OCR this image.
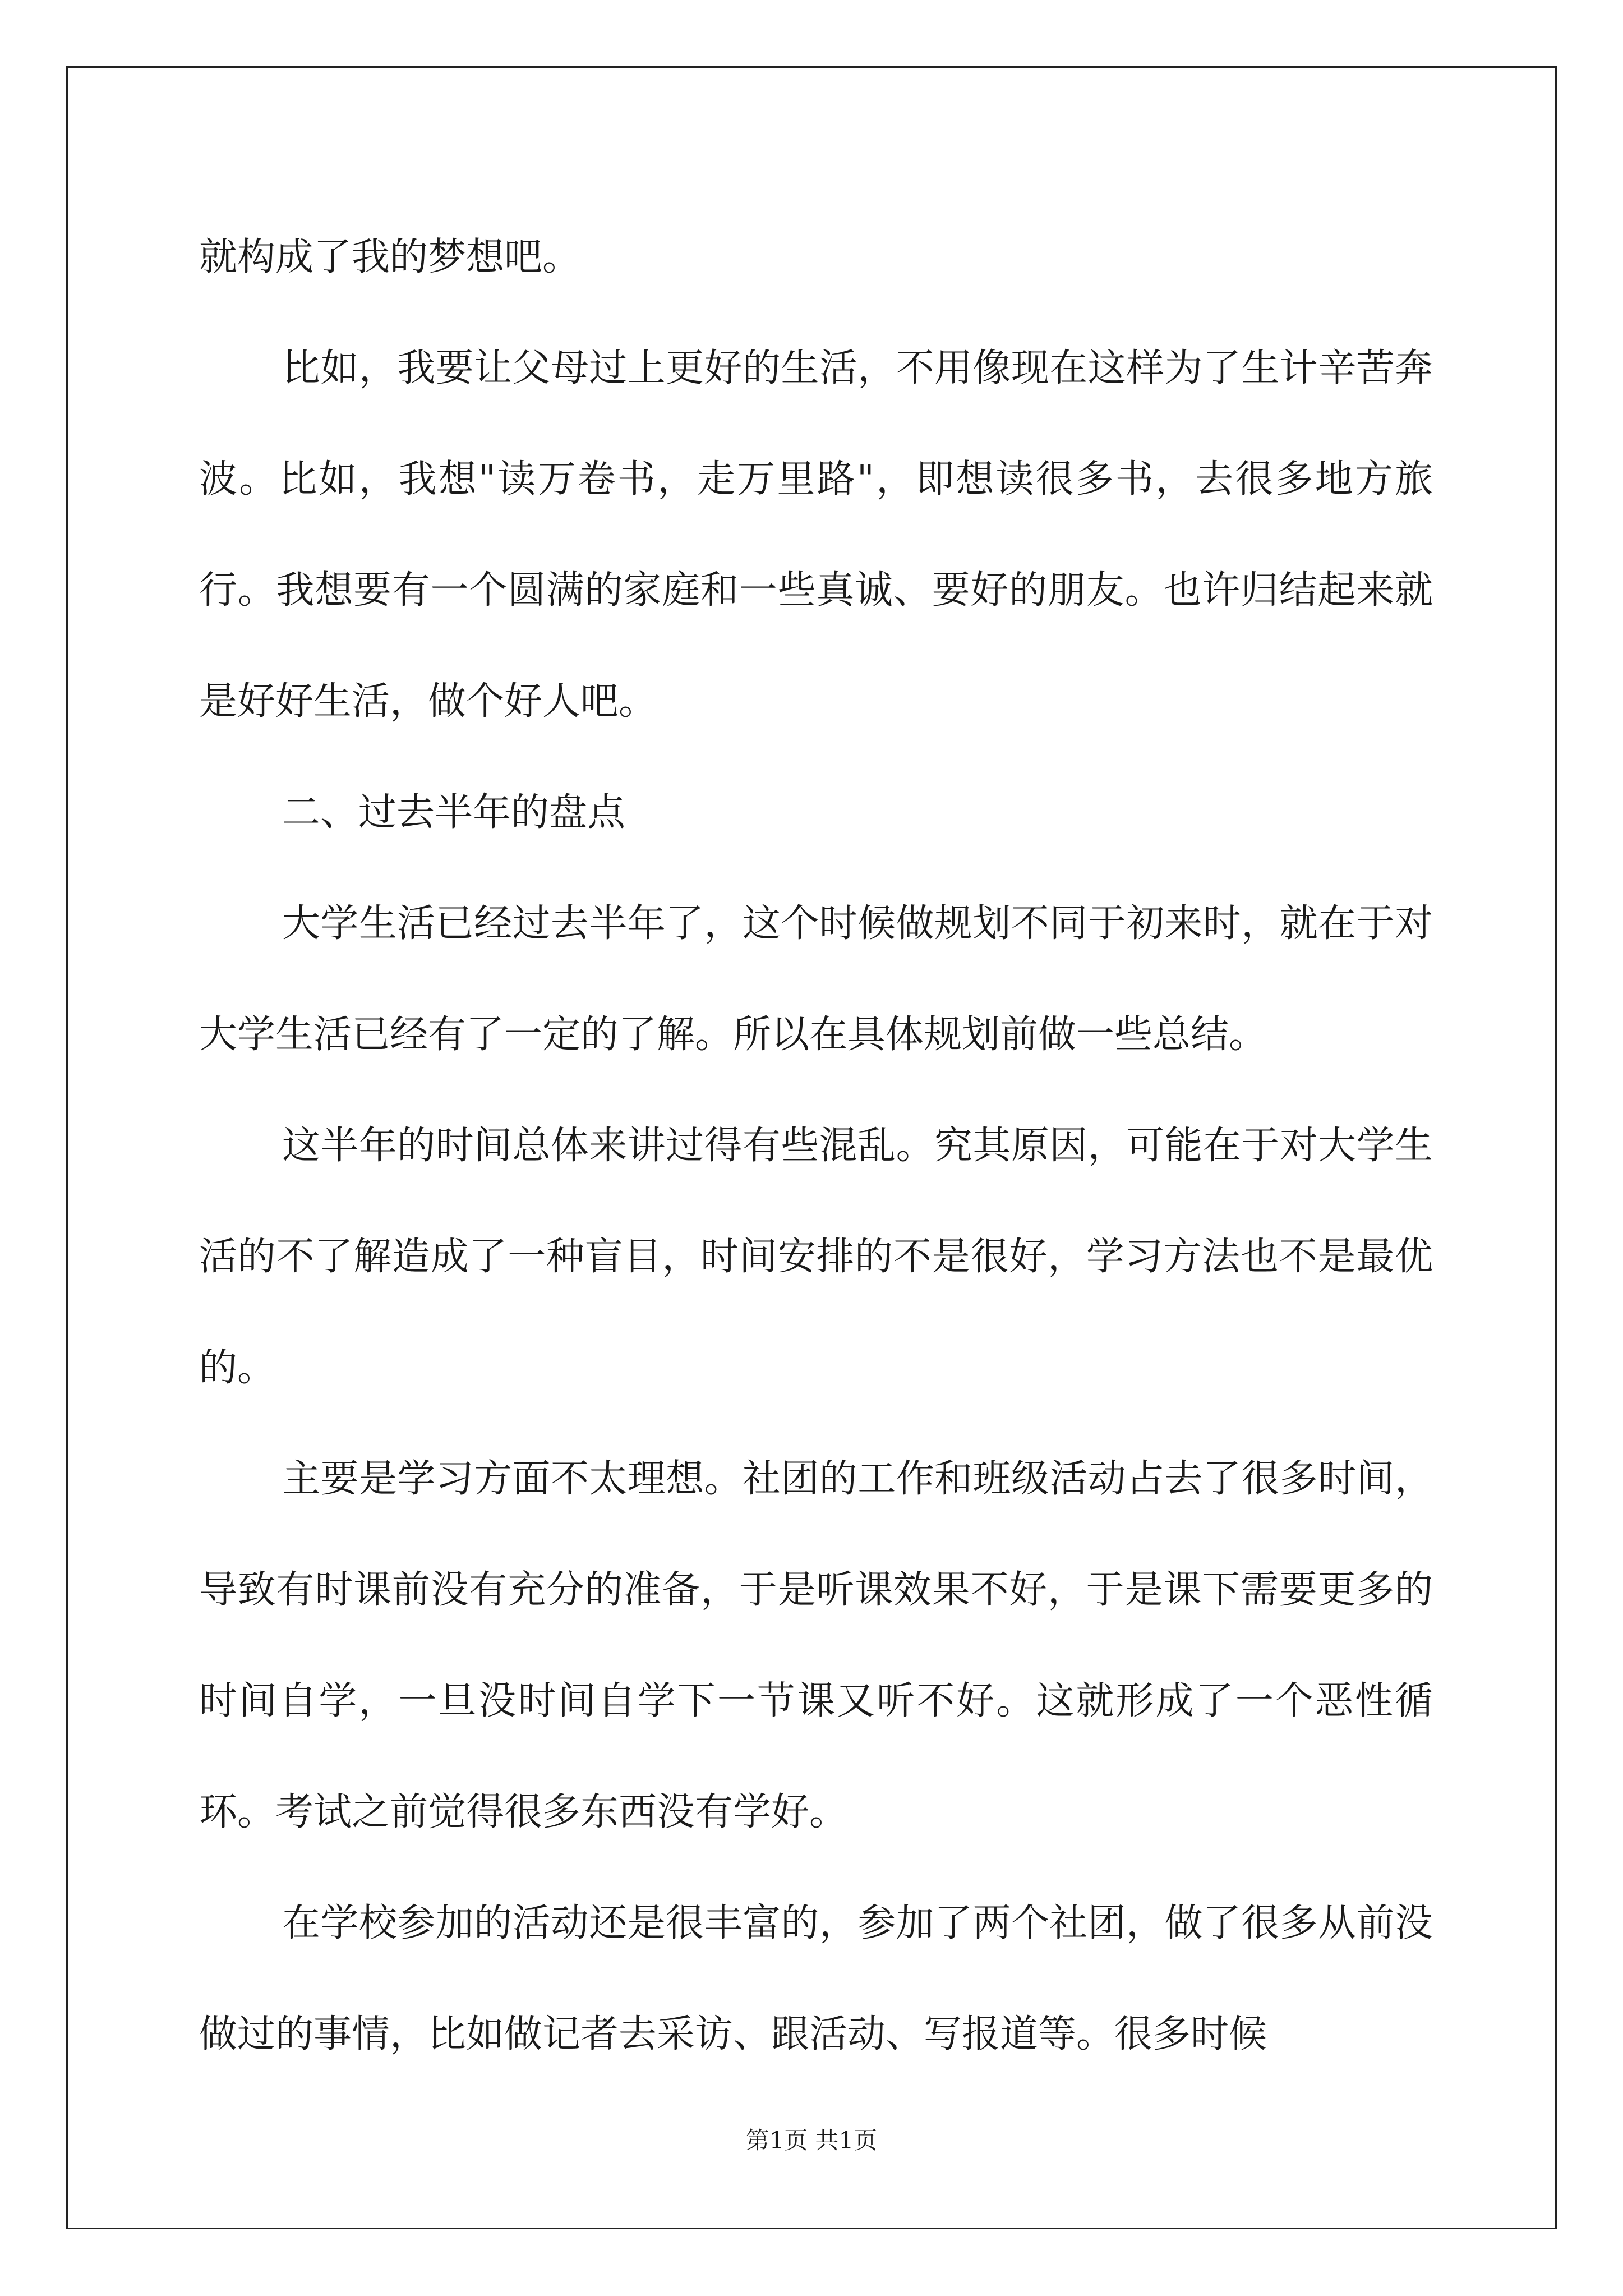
就构成了我的梦想吧。

比如，我要让父母过上更好的生活，不用像现在这样为了生计辛苦奔波。比如，我想"读万卷书，走万里路"，即想读很多书，去很多地方旅行。我想要有一个圆满的家庭和一些真诚、要好的朋友。也许归结起来就是好好生活，做个好人吧。

二、过去半年的盘点

大学生活已经过去半年了，这个时候做规划不同于初来时，就在于对大学生活已经有了一定的了解。所以在具体规划前做一些总结。

这半年的时间总体来讲过得有些混乱。究其原因，可能在于对大学生活的不了解造成了一种盲目，时间安排的不是很好，学习方法也不是最优的。

主要是学习方面不太理想。社团的工作和班级活动占去了很多时间，导致有时课前没有充分的准备，于是听课效果不好，于是课下需要更多的时间自学，一旦没时间自学下一节课又听不好。这就形成了一个恶性循环。考试之前觉得很多东西没有学好。

在学校参加的活动还是很丰富的，参加了两个社团，做了很多从前没做过的事情，比如做记者去采访、跟活动、写报道等。很多时候

第1页 共1页
